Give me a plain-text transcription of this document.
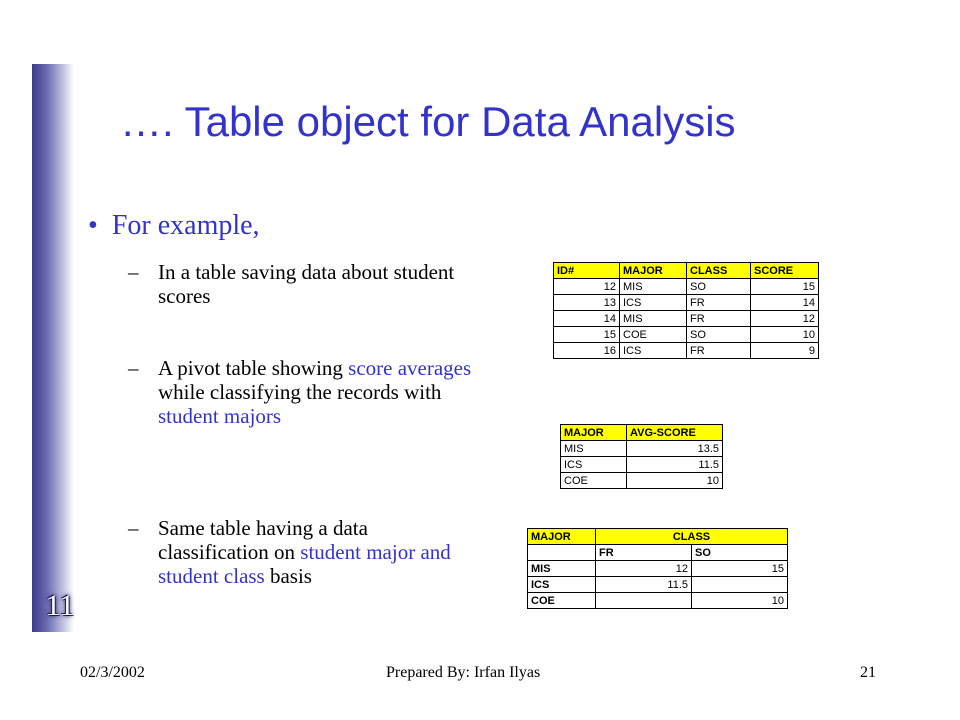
11
…. Table object for Data Analysis
• For example,
– In a table saving data about student scores
– A pivot table showing score averages while classifying the records with student majors
– Same table having a data classification on student major and student class basis
ID#	MAJOR	CLASS	SCORE
12	MIS	SO	15
13	ICS	FR	14
14	MIS	FR	12
15	COE	SO	10
16	ICS	FR	9
MAJOR	AVG-SCORE
MIS	13.5
ICS	11.5
COE	10
MAJOR	CLASS	
	FR	SO
MIS	12	15
ICS	11.5	
COE		10
02/3/2002	Prepared By: Irfan Ilyas	21
